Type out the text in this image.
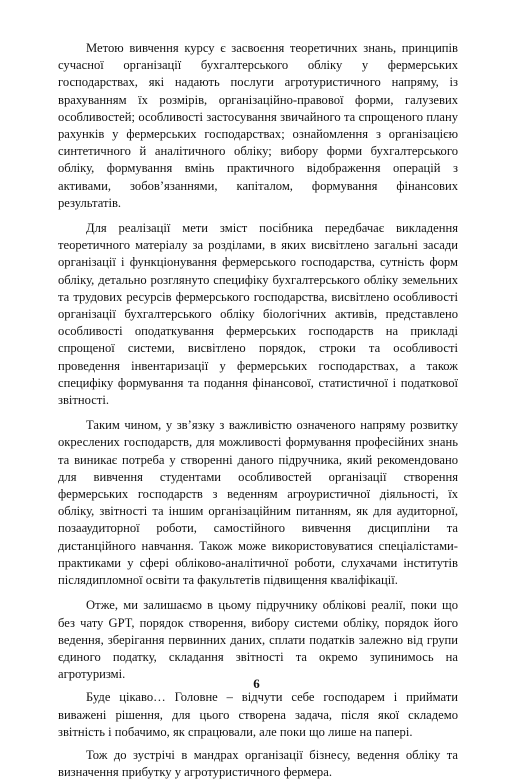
Метою вивчення курсу є засвоєння теоретичних знань, принципів сучасної організації бухгалтерського обліку у фермерських господарствах, які надають послуги агротуристичного напряму, із врахуванням їх розмірів, організаційно-правової форми, галузевих особливостей; особливості застосування звичайного та спрощеного плану рахунків у фермерських господарствах; ознайомлення з організацією синтетичного й аналітичного обліку; вибору форми бухгалтерського обліку, формування вмінь практичного відображення операцій з активами, зобов’язаннями, капіталом, формування фінансових результатів.

Для реалізації мети зміст посібника передбачає викладення теоретичного матеріалу за розділами, в яких висвітлено загальні засади організації і функціонування фермерського господарства, сутність форм обліку, детально розглянуто специфіку бухгалтерського обліку земельних та трудових ресурсів фермерського господарства, висвітлено особливості організації бухгалтерського обліку біологічних активів, представлено особливості оподаткування фермерських господарств на прикладі спрощеної системи, висвітлено порядок, строки та особливості проведення інвентаризації у фермерських господарствах, а також специфіку формування та подання фінансової, статистичної і податкової звітності.

Таким чином, у зв’язку з важливістю означеного напряму розвитку окреслених господарств, для можливості формування професійних знань та виникає потреба у створенні даного підручника, який рекомендовано для вивчення студентами особливостей організації створення фермерських господарств з веденням агроуристичної діяльності, їх обліку, звітності та іншим організаційним питанням, як для аудиторної, позааудиторної роботи, самостійного вивчення дисципліни та дистанційного навчання. Також може використовуватися спеціалістами-практиками у сфері обліково-аналітичної роботи, слухачами інститутів післядипломної освіти та факультетів підвищення кваліфікації.

Отже, ми залишаємо в цьому підручнику облікові реалії, поки що без чату GPT, порядок створення, вибору системи обліку, порядок його ведення, зберігання первинних даних, сплати податків залежно від групи єдиного податку, складання звітності та окремо зупинимось на агротуризмі.

Буде цікаво… Головне – відчути себе господарем і приймати виважені рішення, для цього створена задача, після якої складемо звітність і побачимо, як спрацювали, але поки що лише на папері.

Тож до зустрічі в мандрах організації бізнесу, ведення обліку та визначення прибутку у агротуристичного фермера.

6
